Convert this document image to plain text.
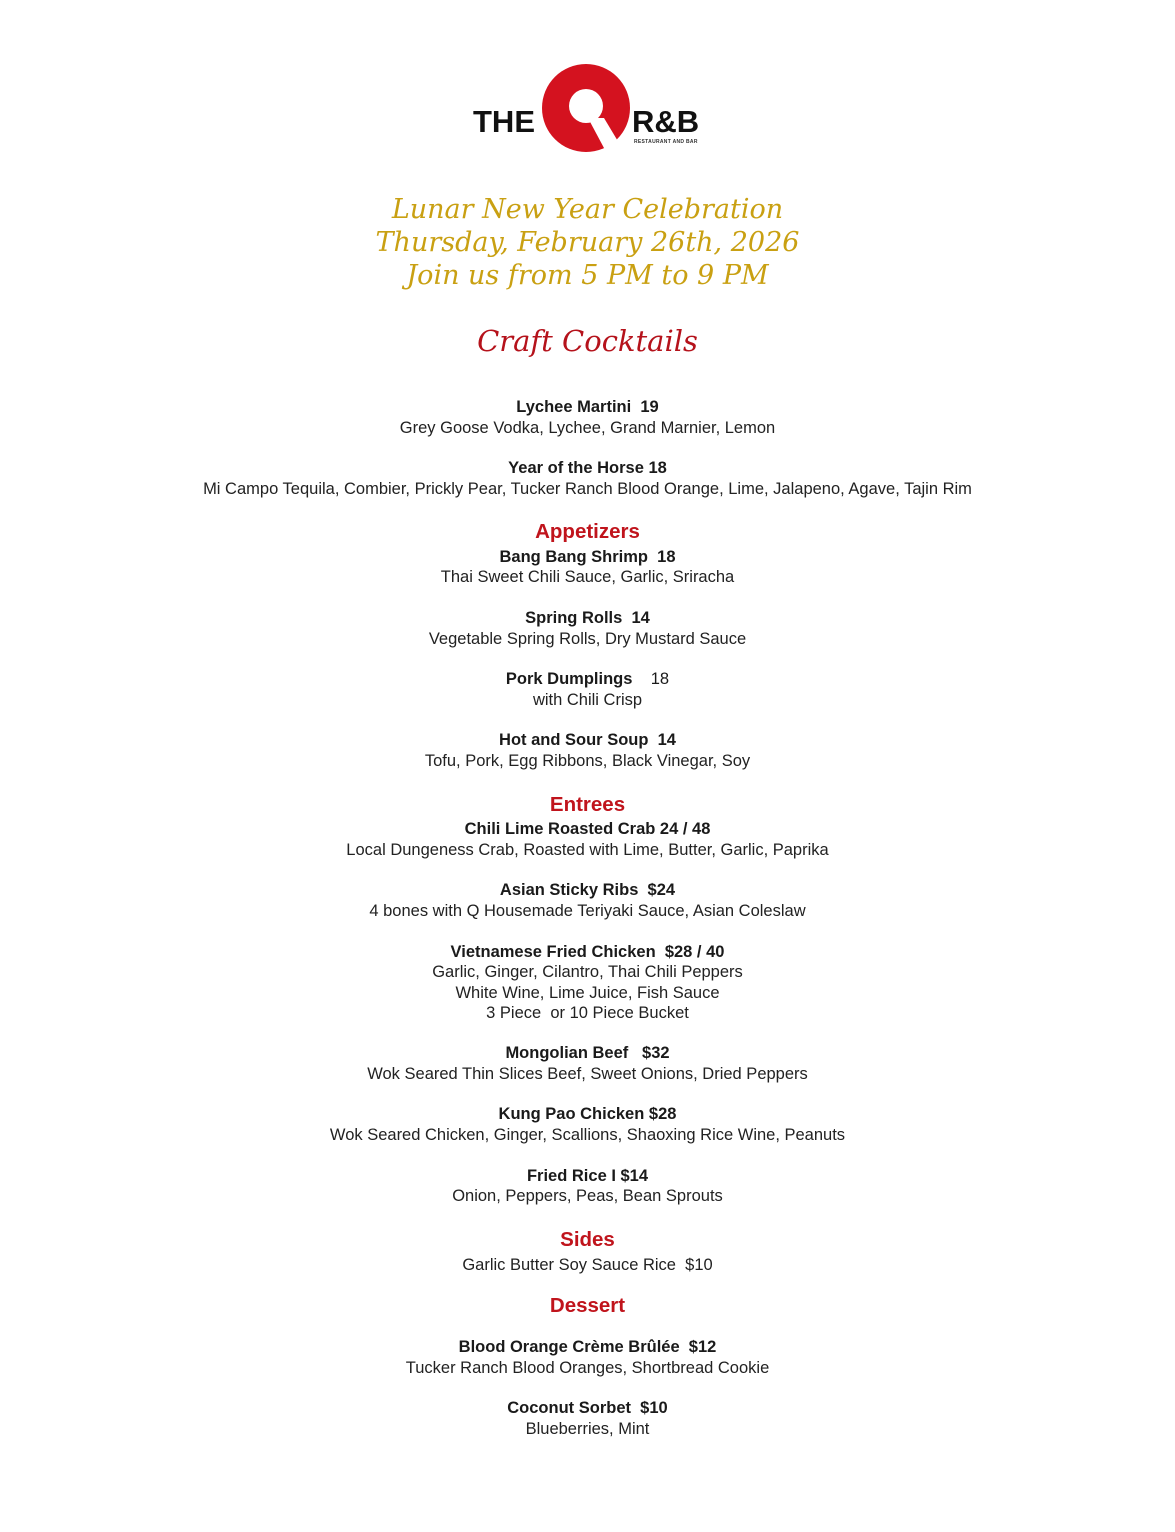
THE	R&B
RESTAURANT AND BAR
Lunar New Year Celebration
Thursday, February 26th, 2026
Join us from 5 PM to 9 PM
Craft Cocktails
Lychee Martini  19
Grey Goose Vodka, Lychee, Grand Marnier, Lemon
Year of the Horse 18
Mi Campo Tequila, Combier, Prickly Pear, Tucker Ranch Blood Orange, Lime, Jalapeno, Agave, Tajin Rim
Appetizers
Bang Bang Shrimp  18
Thai Sweet Chili Sauce, Garlic, Sriracha
Spring Rolls  14
Vegetable Spring Rolls, Dry Mustard Sauce
Pork Dumplings 18
with Chili Crisp
Hot and Sour Soup  14
Tofu, Pork, Egg Ribbons, Black Vinegar, Soy
Entrees
Chili Lime Roasted Crab 24 / 48
Local Dungeness Crab, Roasted with Lime, Butter, Garlic, Paprika
Asian Sticky Ribs  $24
4 bones with Q Housemade Teriyaki Sauce, Asian Coleslaw
Vietnamese Fried Chicken  $28 / 40
Garlic, Ginger, Cilantro, Thai Chili Peppers
White Wine, Lime Juice, Fish Sauce
3 Piece  or 10 Piece Bucket
Mongolian Beef   $32
Wok Seared Thin Slices Beef, Sweet Onions, Dried Peppers
Kung Pao Chicken $28
Wok Seared Chicken, Ginger, Scallions, Shaoxing Rice Wine, Peanuts
Fried Rice I $14
Onion, Peppers, Peas, Bean Sprouts
Sides
Garlic Butter Soy Sauce Rice  $10
Dessert
Blood Orange Crème Brûlée  $12
Tucker Ranch Blood Oranges, Shortbread Cookie
Coconut Sorbet  $10
Blueberries, Mint
